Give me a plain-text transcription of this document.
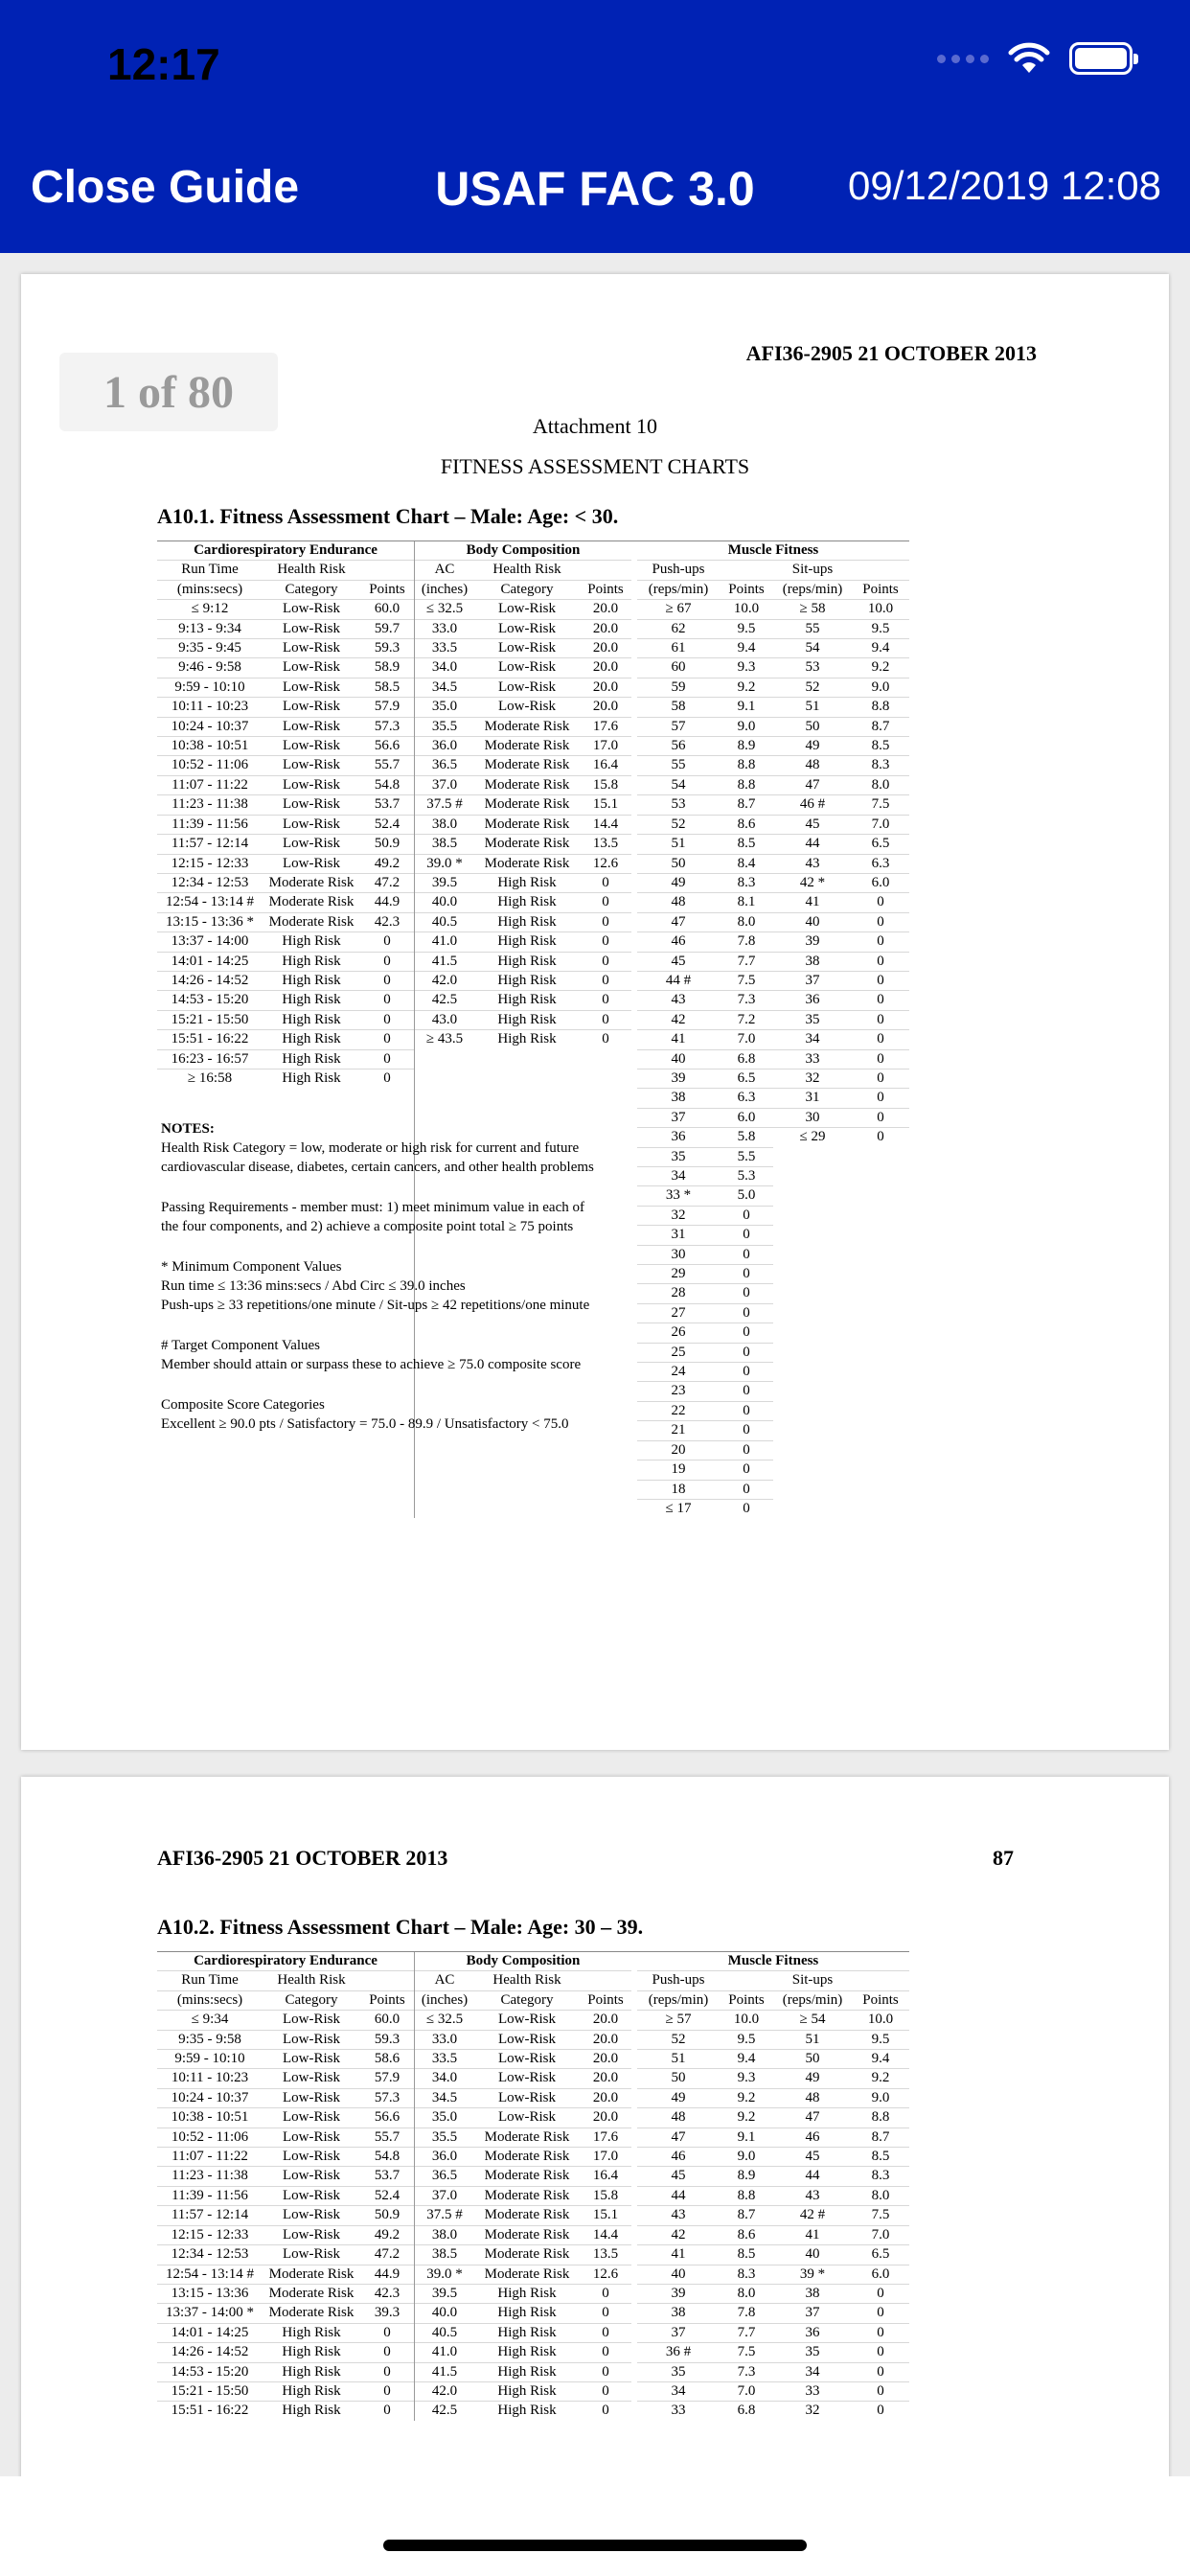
12:17
Close Guide	USAF FAC 3.0	09/12/2019 12:08
1 of 80
AFI36-2905 21 OCTOBER 2013
Attachment 10
FITNESS ASSESSMENT CHARTS
A10.1. Fitness Assessment Chart – Male: Age: < 30.
Cardiorespiratory Endurance			Body Composition				Muscle Fitness			
Run Time	Health Risk		AC	Health Risk			Push-ups		Sit-ups	
(mins:secs)	Category	Points	(inches)	Category	Points		(reps/min)	Points	(reps/min)	Points
≤ 9:12	Low-Risk	60.0	≤ 32.5	Low-Risk	20.0		≥ 67	10.0	≥ 58	10.0
9:13 - 9:34	Low-Risk	59.7	33.0	Low-Risk	20.0		62	9.5	55	9.5
9:35 - 9:45	Low-Risk	59.3	33.5	Low-Risk	20.0		61	9.4	54	9.4
9:46 - 9:58	Low-Risk	58.9	34.0	Low-Risk	20.0		60	9.3	53	9.2
9:59 - 10:10	Low-Risk	58.5	34.5	Low-Risk	20.0		59	9.2	52	9.0
10:11 - 10:23	Low-Risk	57.9	35.0	Low-Risk	20.0		58	9.1	51	8.8
10:24 - 10:37	Low-Risk	57.3	35.5	Moderate Risk	17.6		57	9.0	50	8.7
10:38 - 10:51	Low-Risk	56.6	36.0	Moderate Risk	17.0		56	8.9	49	8.5
10:52 - 11:06	Low-Risk	55.7	36.5	Moderate Risk	16.4		55	8.8	48	8.3
11:07 - 11:22	Low-Risk	54.8	37.0	Moderate Risk	15.8		54	8.8	47	8.0
11:23 - 11:38	Low-Risk	53.7	37.5 #	Moderate Risk	15.1		53	8.7	46 #	7.5
11:39 - 11:56	Low-Risk	52.4	38.0	Moderate Risk	14.4		52	8.6	45	7.0
11:57 - 12:14	Low-Risk	50.9	38.5	Moderate Risk	13.5		51	8.5	44	6.5
12:15 - 12:33	Low-Risk	49.2	39.0 *	Moderate Risk	12.6		50	8.4	43	6.3
12:34 - 12:53	Moderate Risk	47.2	39.5	High Risk	0		49	8.3	42 *	6.0
12:54 - 13:14 #	Moderate Risk	44.9	40.0	High Risk	0		48	8.1	41	0
13:15 - 13:36 *	Moderate Risk	42.3	40.5	High Risk	0		47	8.0	40	0
13:37 - 14:00	High Risk	0	41.0	High Risk	0		46	7.8	39	0
14:01 - 14:25	High Risk	0	41.5	High Risk	0		45	7.7	38	0
14:26 - 14:52	High Risk	0	42.0	High Risk	0		44 #	7.5	37	0
14:53 - 15:20	High Risk	0	42.5	High Risk	0		43	7.3	36	0
15:21 - 15:50	High Risk	0	43.0	High Risk	0		42	7.2	35	0
15:51 - 16:22	High Risk	0	≥ 43.5	High Risk	0		41	7.0	34	0
16:23 - 16:57	High Risk	0					40	6.8	33	0
≥ 16:58	High Risk	0					39	6.5	32	0
							38	6.3	31	0
							37	6.0	30	0
							36	5.8	≤ 29	0
							35	5.5		
							34	5.3		
							33 *	5.0		
							32	0		
							31	0		
							30	0		
							29	0		
							28	0		
							27	0		
							26	0		
							25	0		
							24	0		
							23	0		
							22	0		
							21	0		
							20	0		
							19	0		
							18	0		
							≤ 17	0		
NOTES:
Health Risk Category = low, moderate or high risk for current and future
cardiovascular disease, diabetes, certain cancers, and other health problems
Passing Requirements - member must: 1) meet minimum value in each of
the four components, and 2) achieve a composite point total ≥ 75 points
* Minimum Component Values
Run time ≤ 13:36 mins:secs / Abd Circ ≤ 39.0 inches
Push-ups ≥ 33 repetitions/one minute / Sit-ups ≥ 42 repetitions/one minute
# Target Component Values
Member should attain or surpass these to achieve ≥ 75.0 composite score
Composite Score Categories
Excellent ≥ 90.0 pts / Satisfactory = 75.0 - 89.9 / Unsatisfactory < 75.0
AFI36-2905 21 OCTOBER 2013	87
A10.2. Fitness Assessment Chart – Male: Age: 30 – 39.
Cardiorespiratory Endurance			Body Composition				Muscle Fitness			
Run Time	Health Risk		AC	Health Risk			Push-ups		Sit-ups	
(mins:secs)	Category	Points	(inches)	Category	Points		(reps/min)	Points	(reps/min)	Points
≤ 9:34	Low-Risk	60.0	≤ 32.5	Low-Risk	20.0		≥ 57	10.0	≥ 54	10.0
9:35 - 9:58	Low-Risk	59.3	33.0	Low-Risk	20.0		52	9.5	51	9.5
9:59 - 10:10	Low-Risk	58.6	33.5	Low-Risk	20.0		51	9.4	50	9.4
10:11 - 10:23	Low-Risk	57.9	34.0	Low-Risk	20.0		50	9.3	49	9.2
10:24 - 10:37	Low-Risk	57.3	34.5	Low-Risk	20.0		49	9.2	48	9.0
10:38 - 10:51	Low-Risk	56.6	35.0	Low-Risk	20.0		48	9.2	47	8.8
10:52 - 11:06	Low-Risk	55.7	35.5	Moderate Risk	17.6		47	9.1	46	8.7
11:07 - 11:22	Low-Risk	54.8	36.0	Moderate Risk	17.0		46	9.0	45	8.5
11:23 - 11:38	Low-Risk	53.7	36.5	Moderate Risk	16.4		45	8.9	44	8.3
11:39 - 11:56	Low-Risk	52.4	37.0	Moderate Risk	15.8		44	8.8	43	8.0
11:57 - 12:14	Low-Risk	50.9	37.5 #	Moderate Risk	15.1		43	8.7	42 #	7.5
12:15 - 12:33	Low-Risk	49.2	38.0	Moderate Risk	14.4		42	8.6	41	7.0
12:34 - 12:53	Low-Risk	47.2	38.5	Moderate Risk	13.5		41	8.5	40	6.5
12:54 - 13:14 #	Moderate Risk	44.9	39.0 *	Moderate Risk	12.6		40	8.3	39 *	6.0
13:15 - 13:36	Moderate Risk	42.3	39.5	High Risk	0		39	8.0	38	0
13:37 - 14:00 *	Moderate Risk	39.3	40.0	High Risk	0		38	7.8	37	0
14:01 - 14:25	High Risk	0	40.5	High Risk	0		37	7.7	36	0
14:26 - 14:52	High Risk	0	41.0	High Risk	0		36 #	7.5	35	0
14:53 - 15:20	High Risk	0	41.5	High Risk	0		35	7.3	34	0
15:21 - 15:50	High Risk	0	42.0	High Risk	0		34	7.0	33	0
15:51 - 16:22	High Risk	0	42.5	High Risk	0		33	6.8	32	0
